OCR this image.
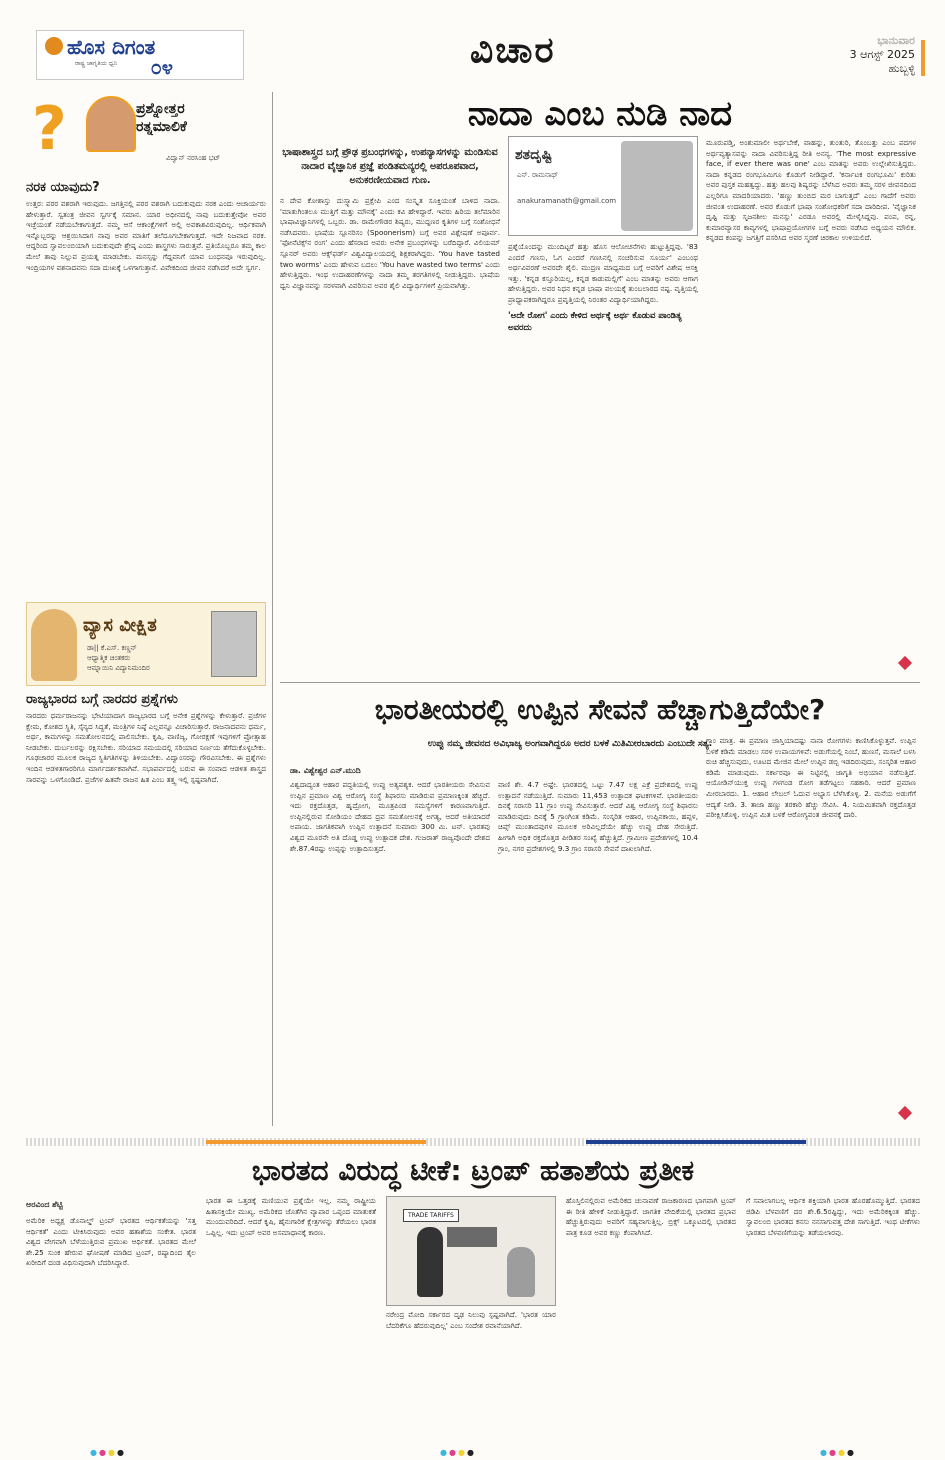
ಹೊಸ ದಿಗಂತ
ರಾಷ್ಟ್ರ ಜಾಗೃತಿಯ ಧ್ವನಿ ೦೪	ವಿಚಾರ	ಭಾನುವಾರ
3 ಆಗಸ್ಟ್ 2025
ಹುಬ್ಬಳ್ಳಿ
?	ಪ್ರಶ್ನೋತ್ತರ
ರತ್ನಮಾಲಿಕೆ
ವಿದ್ವಾನ್ ನರಸಿಂಹ ಭಟ್
ನರಕ ಯಾವುದು?
ಉತ್ತರ: ಪರರ ವಶರಾಗಿ ಇರುವುದು. ಜಗತ್ತಿನಲ್ಲಿ ಪರರ ವಶರಾಗಿ ಬದುಕುವುದು ನರಕ ಎಂದು ಆಚಾರ್ಯರು ಹೇಳುತ್ತಾರೆ. ಸ್ವತಂತ್ರ ಜೀವನ ಸ್ವರ್ಗಕ್ಕೆ ಸಮಾನ. ಯಾರ ಅಧೀನದಲ್ಲಿ ನಾವು ಬದುಕುತ್ತೇವೋ ಅವರ ಇಚ್ಛೆಯಂತೆ ನಡೆಯಬೇಕಾಗುತ್ತದೆ. ನಮ್ಮ ಆಸೆ ಆಕಾಂಕ್ಷೆಗಳಿಗೆ ಅಲ್ಲಿ ಅವಕಾಶವಿರುವುದಿಲ್ಲ. ಆರ್ಥಿಕವಾಗಿ ಇನ್ನೊಬ್ಬರನ್ನು ಆಶ್ರಯಿಸಿದಾಗ ನಾವು ಅವರ ಮಾತಿಗೆ ತಲೆದೂಗಬೇಕಾಗುತ್ತದೆ. ಇದೇ ನಿಜವಾದ ನರಕ. ಆದ್ದರಿಂದ ಸ್ವಾವಲಂಬಿಯಾಗಿ ಬದುಕುವುದೇ ಶ್ರೇಷ್ಠ ಎಂದು ಶಾಸ್ತ್ರಗಳು ಸಾರುತ್ತವೆ. ಪ್ರತಿಯೊಬ್ಬರೂ ತಮ್ಮ ಕಾಲ ಮೇಲೆ ತಾವು ನಿಲ್ಲುವ ಪ್ರಯತ್ನ ಮಾಡಬೇಕು. ಮನಸ್ಸನ್ನು ಗೆದ್ದವನಿಗೆ ಯಾವ ಬಂಧನವೂ ಇರುವುದಿಲ್ಲ. ಇಂದ್ರಿಯಗಳ ವಶನಾದವನು ಸದಾ ದುಃಖಕ್ಕೆ ಒಳಗಾಗುತ್ತಾನೆ. ವಿವೇಕದಿಂದ ಜೀವನ ನಡೆಸಿದರೆ ಅದೇ ಸ್ವರ್ಗ.
ವ್ಯಾಸ ವೀಕ್ಷಿತ
ಡಾ|| ಕೆ.ಎಸ್. ಕಣ್ಣನ್
ಆಧ್ಯಾತ್ಮಿಕ ಚಿಂತಕರು
ಆಮ್ನಾಯಿನಿ ವಿದ್ಯಾನಿಮಂದಿರ
ರಾಜ್ಯಭಾರದ ಬಗ್ಗೆ ನಾರದರ ಪ್ರಶ್ನೆಗಳು
ನಾರದರು ಧರ್ಮರಾಜನನ್ನು ಭೇಟಿಯಾದಾಗ ರಾಜ್ಯಭಾರದ ಬಗ್ಗೆ ಅನೇಕ ಪ್ರಶ್ನೆಗಳನ್ನು ಕೇಳುತ್ತಾರೆ. ಪ್ರಜೆಗಳ ಕ್ಷೇಮ, ಕೋಶದ ಸ್ಥಿತಿ, ಸೈನ್ಯದ ಸಿದ್ಧತೆ, ಮಂತ್ರಿಗಳ ನಿಷ್ಠೆ ಎಲ್ಲವನ್ನೂ ವಿಚಾರಿಸುತ್ತಾರೆ. ರಾಜನಾದವನು ಧರ್ಮ, ಅರ್ಥ, ಕಾಮಗಳನ್ನು ಸಮತೋಲನದಲ್ಲಿ ಪಾಲಿಸಬೇಕು. ಕೃಷಿ, ವಾಣಿಜ್ಯ, ಗೋರಕ್ಷಣೆ ಇವುಗಳಿಗೆ ಪ್ರೋತ್ಸಾಹ ನೀಡಬೇಕು. ದುರ್ಬಲರನ್ನು ರಕ್ಷಿಸಬೇಕು. ಸರಿಯಾದ ಸಮಯದಲ್ಲಿ ಸರಿಯಾದ ನಿರ್ಣಯ ತೆಗೆದುಕೊಳ್ಳಬೇಕು. ಗೂಢಚಾರರ ಮೂಲಕ ರಾಜ್ಯದ ಸ್ಥಿತಿಗತಿಗಳನ್ನು ತಿಳಿಯಬೇಕು. ವಿದ್ವಾಂಸರನ್ನು ಗೌರವಿಸಬೇಕು. ಈ ಪ್ರಶ್ನೆಗಳು ಇಂದಿನ ಆಡಳಿತಗಾರರಿಗೂ ಮಾರ್ಗದರ್ಶಕವಾಗಿವೆ. ಸಭಾಪರ್ವದಲ್ಲಿ ಬರುವ ಈ ಸಂವಾದ ಆಡಳಿತ ಶಾಸ್ತ್ರದ ಸಾರವನ್ನು ಒಳಗೊಂಡಿದೆ. ಪ್ರಜೆಗಳ ಹಿತವೇ ರಾಜನ ಹಿತ ಎಂಬ ತತ್ತ್ವ ಇಲ್ಲಿ ಸ್ಪಷ್ಟವಾಗಿದೆ.
ನಾದಾ ಎಂಬ ನುಡಿ ನಾದ
ಭಾಷಾಶಾಸ್ತ್ರದ ಬಗ್ಗೆ ಪ್ರೌಢ ಪ್ರಬಂಧಗಳನ್ನು, ಉಪನ್ಯಾಸಗಳನ್ನು ಮಂಡಿಸುವ ನಾದಾರ ವೈಜ್ಞಾನಿಕ ಪ್ರಜ್ಞೆ ಪಂಡಿತಮನ್ಯರಲ್ಲಿ ಅಪರೂಪವಾದ, ಅನುಕರಣೀಯವಾದ ಗುಣ.
ಶತದೃಷ್ಟಿ
ಎನ್. ರಾಮನಾಥ್
anakuramanath@gmail.com
ನ ದೇವ ಕೋಶಾಸ್ತು ದುಸ್ಸ್ಯಾಮಿ ಪ್ರಕ್ಷೇಪಿ ಎಂದ ಸಂಸ್ಕೃತ ಸೂಕ್ತಿಯಂತೆ ಬಾಳಿದ ನಾದಾ. 'ಮಾತುಗಿಂತಲೂ ಮುತ್ತಿಗೆ ಮತ್ತು ಮೌನಕ್ಕೆ' ಎಂದು ಕವಿ ಹೇಳಿದ್ದಾರೆ. ಇವರು ಹಿರಿಯ ತಲೆಮಾರಿನ ಭಾಷಾವಿಜ್ಞಾನಿಗಳಲ್ಲಿ ಒಬ್ಬರು. ಡಾ. ರಾಮೇಗೌಡರ ಶಿಷ್ಯರು, ಮುದ್ದಣರ ಕೃತಿಗಳ ಬಗ್ಗೆ ಸಂಶೋಧನೆ ನಡೆಸಿದವರು. ಭಾಷೆಯ ಸ್ಪೂನರಿಸಂ (Spoonerism) ಬಗ್ಗೆ ಅವರ ವಿಶ್ಲೇಷಣೆ ಅಪೂರ್ವ. 'ಫೋನೆಟಿಕ್ಸ್‌ನ ರಂಗ' ಎಂದು ಹೆಸರಾದ ಅವರು ಅನೇಕ ಪ್ರಬಂಧಗಳನ್ನು ಬರೆದಿದ್ದಾರೆ. ವಿಲಿಯಮ್ ಸ್ಪೂನರ್ ಅವರು ಆಕ್ಸ್‌ಫರ್ಡ್ ವಿಶ್ವವಿದ್ಯಾಲಯದಲ್ಲಿ ಶಿಕ್ಷಕರಾಗಿದ್ದರು. 'You have tasted two worms' ಎಂದು ಹೇಳುವ ಬದಲು 'You have wasted two terms' ಎಂದು ಹೇಳುತ್ತಿದ್ದರು. ಇಂಥ ಉದಾಹರಣೆಗಳನ್ನು ನಾದಾ ತಮ್ಮ ತರಗತಿಗಳಲ್ಲಿ ನೀಡುತ್ತಿದ್ದರು. ಭಾಷೆಯ ಧ್ವನಿ ವಿಜ್ಞಾನವನ್ನು ಸರಳವಾಗಿ ವಿವರಿಸುವ ಅವರ ಶೈಲಿ ವಿದ್ಯಾರ್ಥಿಗಳಿಗೆ ಪ್ರಿಯವಾಗಿತ್ತು.
ಪ್ರಶ್ನೆಯೊಂದನ್ನು ಮುಂದಿಟ್ಟರೆ ಹತ್ತು ಹೊಸ ಆಲೋಚನೆಗಳು ಹುಟ್ಟುತ್ತಿದ್ದವು. '83 ಎಂದರೆ ಗಣಸು, ಓಗ ಎಂದರೆ ಗಣಸಿನಲ್ಲಿ ಸಂಚರಿಸುವ ಸೂರ್ಯ' ಎಂಬಂಥ ಅರ್ಥವಿವರಣೆ ಅವರದೇ ಶೈಲಿ. ಮುದ್ರಣ ಮಾಧ್ಯಮದ ಬಗ್ಗೆ ಅವರಿಗೆ ವಿಶೇಷ ಆಸಕ್ತಿ ಇತ್ತು. 'ಕನ್ನಡ ಕಸ್ತೂರಿಯಲ್ಲ, ಕನ್ನಡ ಕಾಡುಮಲ್ಲಿಗೆ' ಎಂಬ ಮಾತನ್ನು ಅವರು ಆಗಾಗ ಹೇಳುತ್ತಿದ್ದರು. ಅವರ ನಿಧನ ಕನ್ನಡ ಭಾಷಾ ವಲಯಕ್ಕೆ ತುಂಬಲಾರದ ನಷ್ಟ. ವೃತ್ತಿಯಲ್ಲಿ ಪ್ರಾಧ್ಯಾಪಕರಾಗಿದ್ದರೂ ಪ್ರವೃತ್ತಿಯಲ್ಲಿ ನಿರಂತರ ವಿದ್ಯಾರ್ಥಿಯಾಗಿದ್ದರು.
'ಅದೇ ರೋಗ' ಎಂದು ಕೇಳಿದ ಅರ್ಥಕ್ಕೆ ಅರ್ಥ ಕೊಡುವ ಪಾಂಡಿತ್ಯ ಅವರದು
ಮೂರುಪಡ್ತಿ, ಅಂಶುಮಾಲೀ ಅರ್ಥಬೇಕೆ, ವಾಹನ್ನು, ತುಂತುರಿ, ತೊಂಬತ್ತು ಎಂಬ ಪದಗಳ ಅರ್ಥವ್ಯತ್ಯಾಸವನ್ನು ನಾದಾ ವಿವರಿಸುತ್ತಿದ್ದ ರೀತಿ ಅನನ್ಯ. 'The most expressive face, if ever there was one' ಎಂಬ ಮಾತನ್ನು ಅವರು ಉಲ್ಲೇಖಿಸುತ್ತಿದ್ದರು. ನಾದಾ ಕನ್ನಡದ ರಂಗಭೂಮಿಗೂ ಕೊಡುಗೆ ನೀಡಿದ್ದಾರೆ. 'ಕರ್ನಾಟಕ ರಂಗಭೂಮಿ' ಕುರಿತು ಅವರ ಪುಸ್ತಕ ಮಹತ್ವದ್ದು. ಹತ್ತು ಹಲವು ಶಿಷ್ಯರನ್ನು ಬೆಳೆಸಿದ ಅವರು ತಮ್ಮ ಸರಳ ಜೀವನದಿಂದ ಎಲ್ಲರಿಗೂ ಮಾದರಿಯಾದರು. 'ಹಣ್ಣು ತುಂಬಿದ ಮರ ಬಾಗುತ್ತದೆ' ಎಂಬ ಗಾದೆಗೆ ಅವರು ಜೀವಂತ ಉದಾಹರಣೆ. ಅವರ ಕೊಡುಗೆ ಭಾಷಾ ಸಂಶೋಧಕರಿಗೆ ಸದಾ ದಾರಿದೀಪ. 'ವೈಜ್ಞಾನಿಕ ದೃಷ್ಟಿ ಮತ್ತು ಸೃಜನಶೀಲ ಮನಸ್ಸು' ಎರಡೂ ಅವರಲ್ಲಿ ಮೇಳೈಸಿದ್ದವು. ಪಂಪ, ರನ್ನ, ಕುಮಾರವ್ಯಾಸರ ಕಾವ್ಯಗಳಲ್ಲಿ ಭಾಷಾಪ್ರಯೋಗಗಳ ಬಗ್ಗೆ ಅವರು ನಡೆಸಿದ ಅಧ್ಯಯನ ಮೌಲಿಕ. ಕನ್ನಡದ ಕಂಪನ್ನು ಜಗತ್ತಿಗೆ ಪಸರಿಸಿದ ಅವರ ಸ್ಮರಣೆ ಚಿರಕಾಲ ಉಳಿಯಲಿದೆ.
ಭಾರತೀಯರಲ್ಲಿ ಉಪ್ಪಿನ ಸೇವನೆ ಹೆಚ್ಚಾಗುತ್ತಿದೆಯೇ?
ಉಪ್ಪು ನಮ್ಮ ಜೀವನದ ಅವಿಭಾಜ್ಯ ಅಂಗವಾಗಿದ್ದರೂ ಅದರ ಬಳಕೆ ಮಿತಿಮೀರಬಾರದು ಎಂಬುದೇ ಸತ್ಯ.
ಡಾ. ವಿಶ್ವೇಶ್ವರ ಎನ್.ಮುದಿ
ವಿಶ್ವದಾದ್ಯಂತ ಆಹಾರ ಪದ್ಧತಿಯಲ್ಲಿ ಉಪ್ಪು ಅತ್ಯವಶ್ಯಕ. ಆದರೆ ಭಾರತೀಯರು ಸೇವಿಸುವ ಉಪ್ಪಿನ ಪ್ರಮಾಣ ವಿಶ್ವ ಆರೋಗ್ಯ ಸಂಸ್ಥೆ ಶಿಫಾರಸು ಮಾಡಿರುವ ಪ್ರಮಾಣಕ್ಕಿಂತ ಹೆಚ್ಚಿದೆ. ಇದು ರಕ್ತದೊತ್ತಡ, ಹೃದ್ರೋಗ, ಮೂತ್ರಪಿಂಡ ಸಮಸ್ಯೆಗಳಿಗೆ ಕಾರಣವಾಗುತ್ತಿದೆ. ಉಪ್ಪಿನಲ್ಲಿರುವ ಸೋಡಿಯಂ ದೇಹದ ದ್ರವ ಸಮತೋಲನಕ್ಕೆ ಅಗತ್ಯ, ಆದರೆ ಅತಿಯಾದರೆ ಅಪಾಯ. ಜಾಗತಿಕವಾಗಿ ಉಪ್ಪಿನ ಉತ್ಪಾದನೆ ಸುಮಾರು 300 ಮಿ. ಟನ್. ಭಾರತವು ವಿಶ್ವದ ಮೂರನೇ ಅತಿ ದೊಡ್ಡ ಉಪ್ಪು ಉತ್ಪಾದಕ ದೇಶ. ಗುಜರಾತ್ ರಾಜ್ಯವೊಂದೇ ದೇಶದ ಶೇ.87.4ರಷ್ಟು ಉಪ್ಪನ್ನು ಉತ್ಪಾದಿಸುತ್ತದೆ.
ವಾಣಿ ಶೇ. 4.7 ಅಷ್ಟೇ. ಭಾರತದಲ್ಲಿ ಒಟ್ಟು 7.47 ಲಕ್ಷ ಎಕ್ರೆ ಪ್ರದೇಶದಲ್ಲಿ ಉಪ್ಪು ಉತ್ಪಾದನೆ ನಡೆಯುತ್ತಿದೆ. ಸುಮಾರು 11,453 ಉತ್ಪಾದಕ ಘಟಕಗಳಿವೆ. ಭಾರತೀಯರು ದಿನಕ್ಕೆ ಸರಾಸರಿ 11 ಗ್ರಾಂ ಉಪ್ಪು ಸೇವಿಸುತ್ತಾರೆ. ಆದರೆ ವಿಶ್ವ ಆರೋಗ್ಯ ಸಂಸ್ಥೆ ಶಿಫಾರಸು ಮಾಡಿರುವುದು ದಿನಕ್ಕೆ 5 ಗ್ರಾಂಗಿಂತ ಕಡಿಮೆ. ಸಂಸ್ಕರಿತ ಆಹಾರ, ಉಪ್ಪಿನಕಾಯಿ, ಹಪ್ಪಳ, ಚಿಪ್ಸ್ ಮುಂತಾದವುಗಳ ಮೂಲಕ ಅರಿವಿಲ್ಲದೆಯೇ ಹೆಚ್ಚು ಉಪ್ಪು ದೇಹ ಸೇರುತ್ತಿದೆ. ಹೀಗಾಗಿ ಅಧಿಕ ರಕ್ತದೊತ್ತಡ ಪೀಡಿತರ ಸಂಖ್ಯೆ ಹೆಚ್ಚುತ್ತಿದೆ. ಗ್ರಾಮೀಣ ಪ್ರದೇಶಗಳಲ್ಲಿ 10.4 ಗ್ರಾಂ, ನಗರ ಪ್ರದೇಶಗಳಲ್ಲಿ 9.3 ಗ್ರಾಂ ಸರಾಸರಿ ಸೇವನೆ ದಾಖಲಾಗಿದೆ.
ಗ್ರಾಂ ಮಾತ್ರ. ಈ ಪ್ರಮಾಣ ಜಾಸ್ತಿಯಾದಷ್ಟು ನಾನಾ ರೋಗಗಳು ಕಾಣಿಸಿಕೊಳ್ಳುತ್ತವೆ. ಉಪ್ಪಿನ ಬಳಕೆ ಕಡಿಮೆ ಮಾಡಲು ಸರಳ ಉಪಾಯಗಳಿವೆ: ಅಡುಗೆಯಲ್ಲಿ ನಿಂಬೆ, ಹುಣಸೆ, ಮಸಾಲೆ ಬಳಸಿ ರುಚಿ ಹೆಚ್ಚಿಸುವುದು, ಊಟದ ಮೇಜಿನ ಮೇಲೆ ಉಪ್ಪಿನ ಡಬ್ಬಿ ಇಡದಿರುವುದು, ಸಂಸ್ಕರಿತ ಆಹಾರ ಕಡಿಮೆ ಮಾಡುವುದು. ಸರ್ಕಾರವೂ ಈ ನಿಟ್ಟಿನಲ್ಲಿ ಜಾಗೃತಿ ಅಭಿಯಾನ ನಡೆಸುತ್ತಿದೆ. ಆಯೋಡಿನ್‌ಯುಕ್ತ ಉಪ್ಪು ಗಳಗಂಡ ರೋಗ ತಡೆಗಟ್ಟಲು ಸಹಕಾರಿ. ಆದರೆ ಪ್ರಮಾಣ ಮೀರಬಾರದು. 1. ಆಹಾರ ಲೇಬಲ್ ಓದುವ ಅಭ್ಯಾಸ ಬೆಳೆಸಿಕೊಳ್ಳಿ. 2. ಮನೆಯ ಅಡುಗೆಗೆ ಆದ್ಯತೆ ನೀಡಿ. 3. ತಾಜಾ ಹಣ್ಣು ತರಕಾರಿ ಹೆಚ್ಚು ಸೇವಿಸಿ. 4. ನಿಯಮಿತವಾಗಿ ರಕ್ತದೊತ್ತಡ ಪರೀಕ್ಷಿಸಿಕೊಳ್ಳಿ. ಉಪ್ಪಿನ ಮಿತ ಬಳಕೆ ಆರೋಗ್ಯವಂತ ಜೀವನಕ್ಕೆ ದಾರಿ.
ಭಾರತದ ವಿರುದ್ಧ ಟೀಕೆ: ಟ್ರಂಪ್ ಹತಾಶೆಯ ಪ್ರತೀಕ
ಅರವಿಂದ ಶೆಟ್ಟಿ
ಅಮೆರಿಕ ಅಧ್ಯಕ್ಷ ಡೊನಾಲ್ಡ್ ಟ್ರಂಪ್ ಭಾರತದ ಆರ್ಥಿಕತೆಯನ್ನು 'ಸತ್ತ ಆರ್ಥಿಕತೆ' ಎಂದು ಟೀಕಿಸಿರುವುದು ಅವರ ಹತಾಶೆಯ ಸಂಕೇತ. ಭಾರತ ವಿಶ್ವದ ವೇಗವಾಗಿ ಬೆಳೆಯುತ್ತಿರುವ ಪ್ರಮುಖ ಆರ್ಥಿಕತೆ. ಭಾರತದ ಮೇಲೆ ಶೇ.25 ಸುಂಕ ಹೇರುವ ಘೋಷಣೆ ಮಾಡಿದ ಟ್ರಂಪ್, ರಷ್ಯಾದಿಂದ ತೈಲ ಖರೀದಿಗೆ ದಂಡ ವಿಧಿಸುವುದಾಗಿ ಬೆದರಿಸಿದ್ದಾರೆ.
ಭಾರತ ಈ ಒತ್ತಡಕ್ಕೆ ಮಣಿಯುವ ಪ್ರಶ್ನೆಯೇ ಇಲ್ಲ. ನಮ್ಮ ರಾಷ್ಟ್ರೀಯ ಹಿತಾಸಕ್ತಿಯೇ ಮುಖ್ಯ. ಅಮೆರಿಕದ ಜೊತೆಗಿನ ವ್ಯಾಪಾರ ಒಪ್ಪಂದ ಮಾತುಕತೆ ಮುಂದುವರಿದಿದೆ. ಆದರೆ ಕೃಷಿ, ಹೈನುಗಾರಿಕೆ ಕ್ಷೇತ್ರಗಳನ್ನು ತೆರೆಯಲು ಭಾರತ ಒಪ್ಪಿಲ್ಲ. ಇದು ಟ್ರಂಪ್ ಅವರ ಅಸಮಾಧಾನಕ್ಕೆ ಕಾರಣ.
TRADE TARIFFS
ನರೇಂದ್ರ ಮೋದಿ ಸರ್ಕಾರದ ದೃಢ ನಿಲುವು ಸ್ಪಷ್ಟವಾಗಿದೆ. 'ಭಾರತ ಯಾರ ಬೆದರಿಕೆಗೂ ಹೆದರುವುದಿಲ್ಲ' ಎಂಬ ಸಂದೇಶ ರವಾನೆಯಾಗಿದೆ.
ಹೊಸ್ತಿಲಿನಲ್ಲಿರುವ ಅಮೆರಿಕದ ಚುನಾವಣೆ ರಾಜಕಾರಣದ ಭಾಗವಾಗಿ ಟ್ರಂಪ್ ಈ ರೀತಿ ಹೇಳಿಕೆ ನೀಡುತ್ತಿದ್ದಾರೆ. ಜಾಗತಿಕ ವೇದಿಕೆಯಲ್ಲಿ ಭಾರತದ ಪ್ರಭಾವ ಹೆಚ್ಚುತ್ತಿರುವುದು ಅವರಿಗೆ ಸಹ್ಯವಾಗುತ್ತಿಲ್ಲ. ಬ್ರಿಕ್ಸ್ ಒಕ್ಕೂಟದಲ್ಲಿ ಭಾರತದ ಪಾತ್ರ ಕೂಡ ಅವರ ಕಣ್ಣು ಕೆಂಪಾಗಿಸಿದೆ.
ಗೆ ಸವಾಲಾಗಬಲ್ಲ ಆರ್ಥಿಕ ಶಕ್ತಿಯಾಗಿ ಭಾರತ ಹೊರಹೊಮ್ಮುತ್ತಿದೆ. ಭಾರತದ ಜಿಡಿಪಿ ಬೆಳವಣಿಗೆ ದರ ಶೇ.6.5ರಷ್ಟಿದ್ದು, ಇದು ಅಮೆರಿಕಕ್ಕಿಂತ ಹೆಚ್ಚು. ಸ್ವಾವಲಂಬಿ ಭಾರತದ ಕನಸು ನನಸಾಗುವತ್ತ ದೇಶ ಸಾಗುತ್ತಿದೆ. ಇಂಥ ಟೀಕೆಗಳು ಭಾರತದ ಬೆಳವಣಿಗೆಯನ್ನು ತಡೆಯಲಾರವು.
●●●●	●●●●	●●●●
